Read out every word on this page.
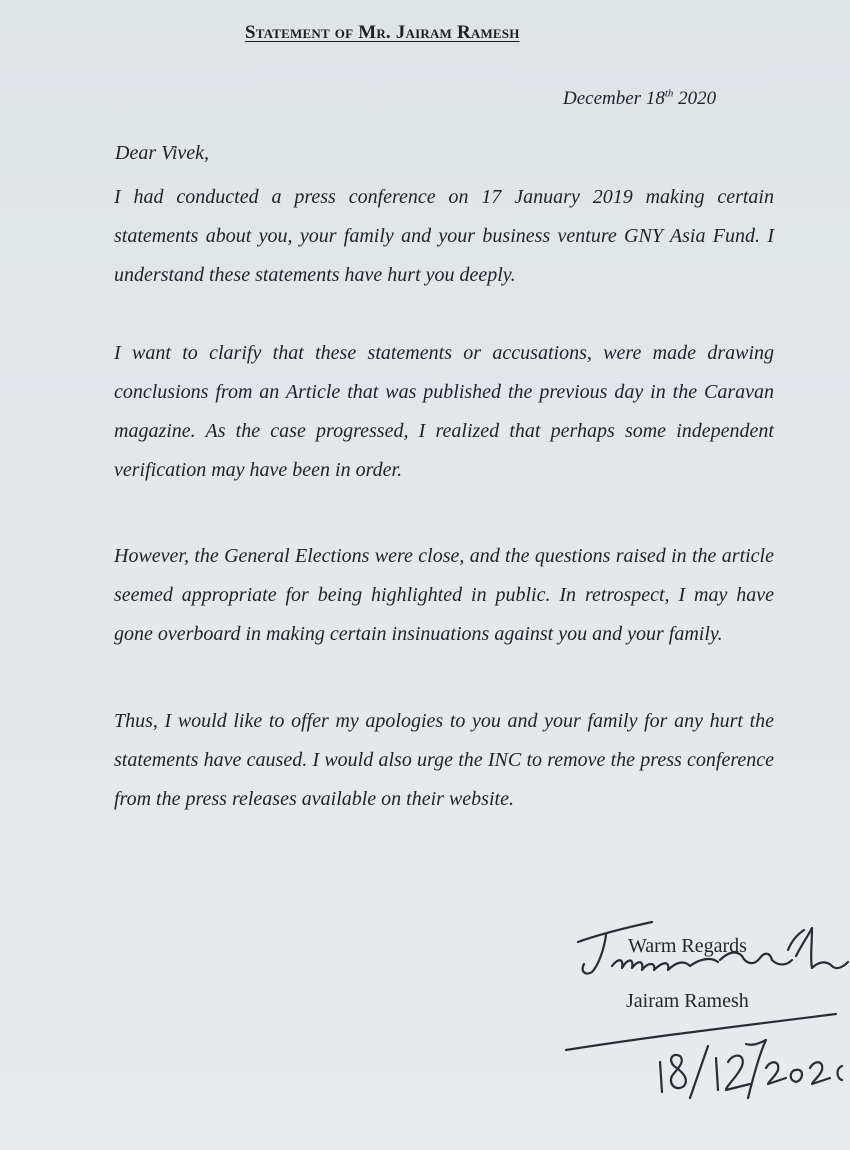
Statement of Mr. Jairam Ramesh
December 18th 2020
Dear Vivek,

I had conducted a press conference on 17 January 2019 making certain statements about you, your family and your business venture GNY Asia Fund. I understand these statements have hurt you deeply.

I want to clarify that these statements or accusations, were made drawing conclusions from an Article that was published the previous day in the Caravan magazine. As the case progressed, I realized that perhaps some independent verification may have been in order.

However, the General Elections were close, and the questions raised in the article seemed appropriate for being highlighted in public. In retrospect, I may have gone overboard in making certain insinuations against you and your family.

Thus, I would like to offer my apologies to you and your family for any hurt the statements have caused. I would also urge the INC to remove the press conference from the press releases available on their website.

Warm Regards
Jairam Ramesh
